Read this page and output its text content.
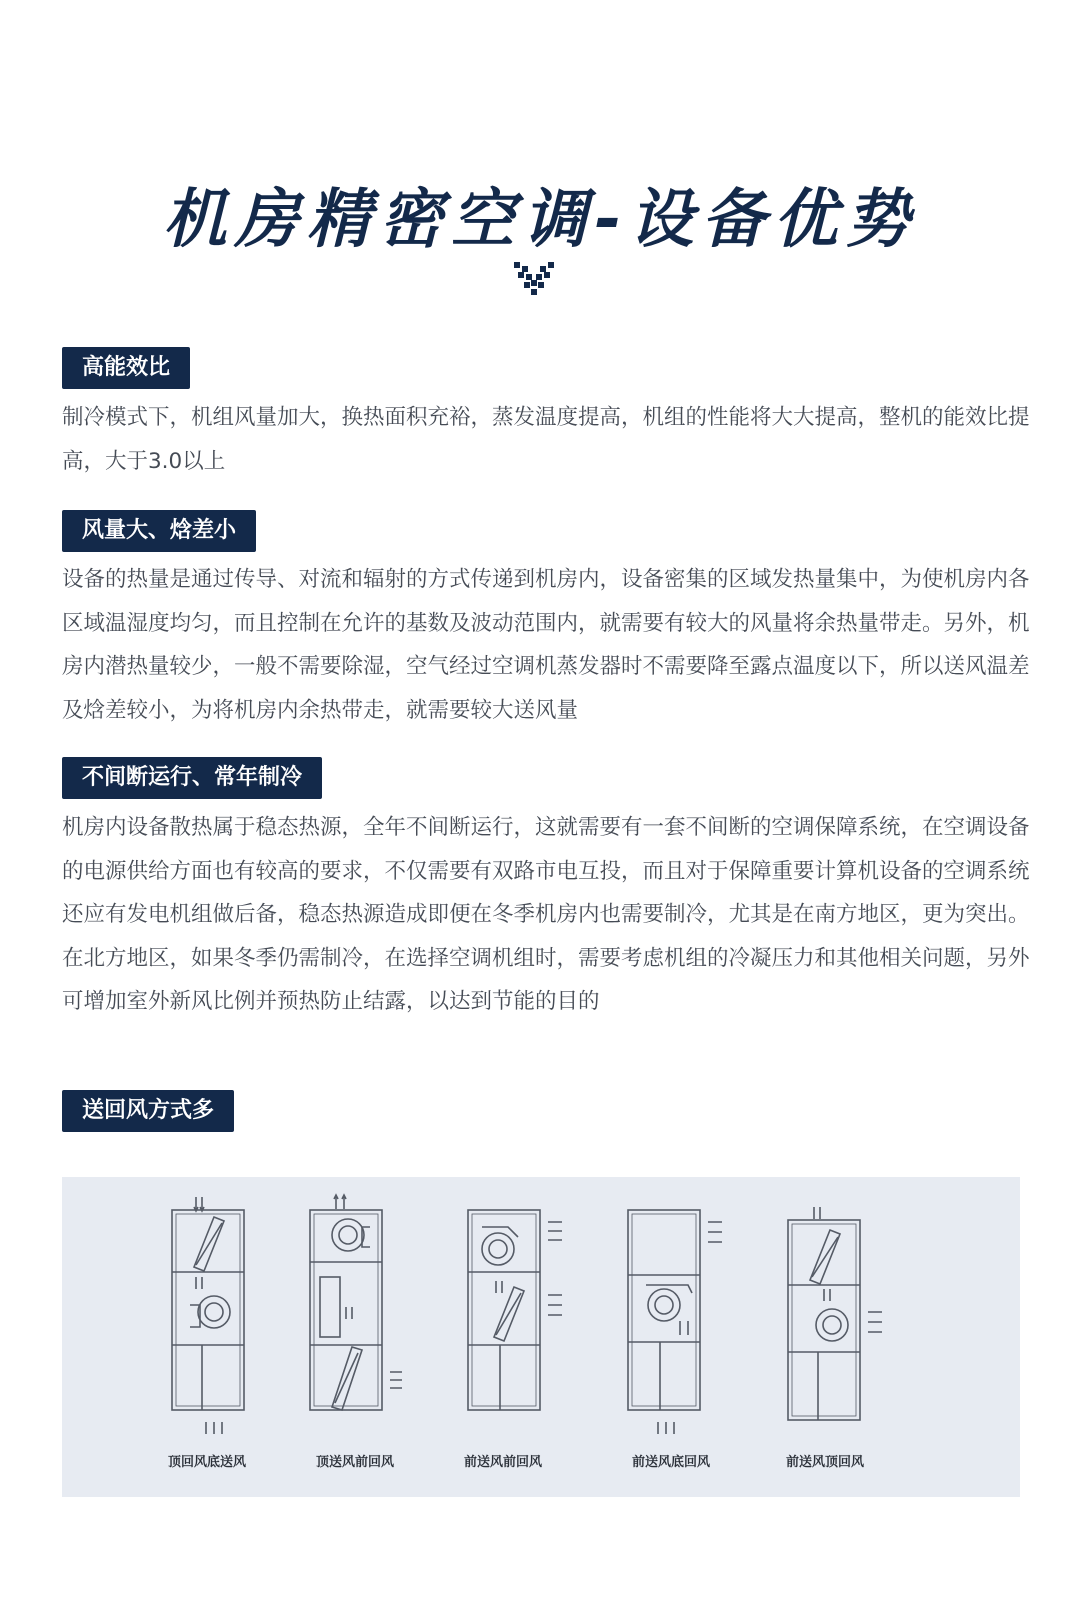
机房精密空调-设备优势
高能效比
制冷模式下，机组风量加大，换热面积充裕，蒸发温度提高，机组的性能将大大提高，整机的能效比提高，大于3.0以上
风量大、焓差小
设备的热量是通过传导、对流和辐射的方式传递到机房内，设备密集的区域发热量集中，为使机房内各区域温湿度均匀，而且控制在允许的基数及波动范围内，就需要有较大的风量将余热量带走。另外，机房内潜热量较少，一般不需要除湿，空气经过空调机蒸发器时不需要降至露点温度以下，所以送风温差及焓差较小，为将机房内余热带走，就需要较大送风量
不间断运行、常年制冷
机房内设备散热属于稳态热源，全年不间断运行，这就需要有一套不间断的空调保障系统，在空调设备的电源供给方面也有较高的要求，不仅需要有双路市电互投，而且对于保障重要计算机设备的空调系统还应有发电机组做后备，稳态热源造成即便在冬季机房内也需要制冷，尤其是在南方地区，更为突出。在北方地区，如果冬季仍需制冷，在选择空调机组时，需要考虑机组的冷凝压力和其他相关问题，另外可增加室外新风比例并预热防止结露，以达到节能的目的
送回风方式多
顶回风底送风	顶送风前回风	前送风前回风	前送风底回风	前送风顶回风
